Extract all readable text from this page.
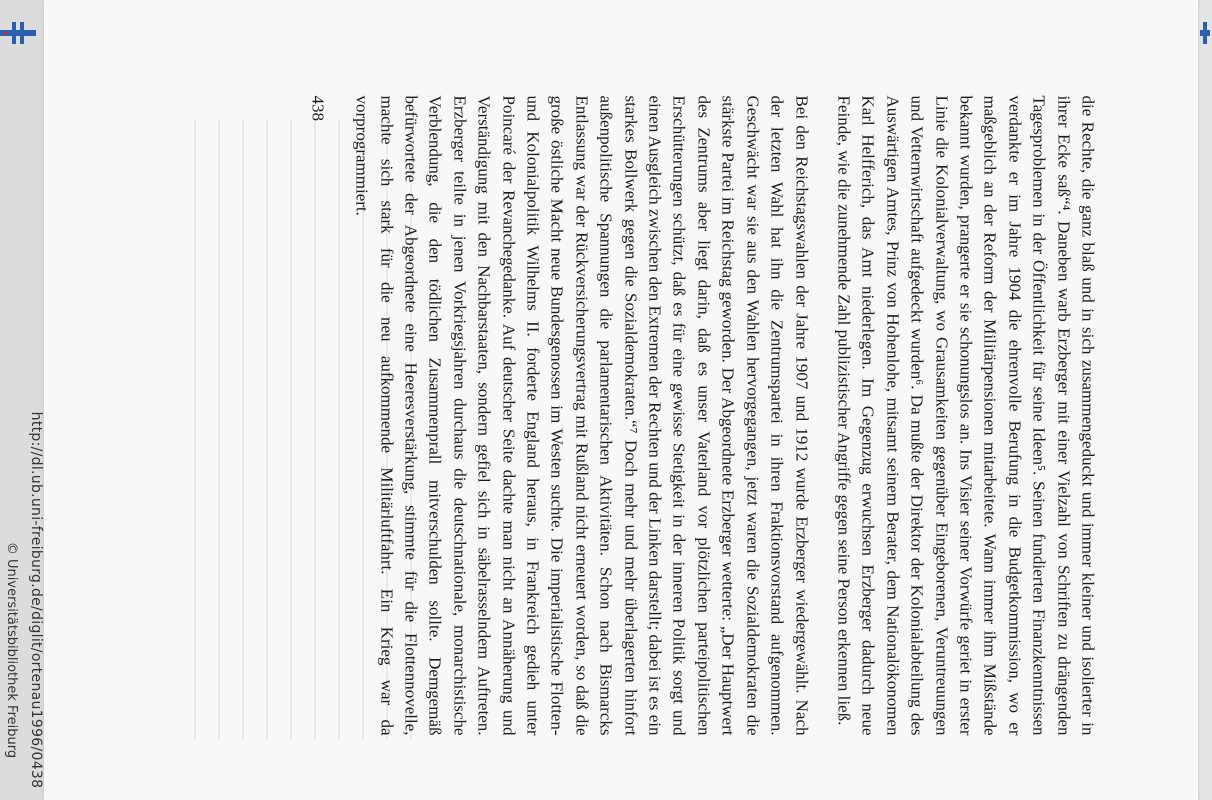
die Rechte, die ganz blaß und in sich zusammengeduckt und immer kleiner und isolierter in ihrer Ecke saß“⁴. Daneben warb Erzberger mit einer Vielzahl von Schriften zu drängenden Tagesproblemen in der Öffentlichkeit für seine Ideen⁵. Seinen fundierten Finanzkenntnissen verdankte er im Jahre 1904 die ehrenvolle Berufung in die Budgetkommission, wo er maßgeblich an der Reform der Militärpensionen mitarbeitete. Wann immer ihm Mißstände bekannt wurden, prangerte er sie schonungslos an. Ins Visier seiner Vorwürfe geriet in erster Linie die Kolonialverwaltung, wo Grausamkeiten gegenüber Eingeborenen, Veruntreuungen und Vetternwirtschaft aufgedeckt wurden⁶. Da mußte der Direktor der Kolonialabteilung des Auswärtigen Amtes, Prinz von Hohenlohe, mitsamt seinem Berater, dem Nationalökonomen Karl Helfferich, das Amt niederlegen. Im Gegenzug erwuchsen Erzberger dadurch neue Feinde, wie die zunehmende Zahl publizistischer Angriffe gegen seine Person erkennen ließ.

Bei den Reichstagswahlen der Jahre 1907 und 1912 wurde Erzberger wiedergewählt. Nach der letzten Wahl hat ihn die Zentrumspartei in ihren Fraktionsvorstand aufgenommen. Geschwächt war sie aus den Wahlen hervorgegangen, jetzt waren die Sozialdemokraten die stärkste Partei im Reichstag geworden. Der Abgeordnete Erzberger wetterte: „Der Hauptwert des Zentrums aber liegt darin, daß es unser Vaterland vor plötzlichen parteipolitischen Erschütterungen schützt, daß es für eine gewisse Stetigkeit in der inneren Politik sorgt und einen Ausgleich zwischen den Extremen der Rechten und der Linken darstellt; dabei ist es ein starkes Bollwerk gegen die Sozialdemokraten.“⁷ Doch mehr und mehr überlagerten hinfort außenpolitische Spannungen die parlamentarischen Aktivitäten. Schon nach Bismarcks Entlassung war der Rückversicherungsvertrag mit Rußland nicht erneuert worden, so daß die große östliche Macht neue Bundesgenossen im Westen suchte. Die imperialistische Flotten- und Kolonialpolitik Wilhelms II. forderte England heraus, in Frankreich gedieh unter Poincaré der Revanchegedanke. Auf deutscher Seite dachte man nicht an Annäherung und Verständigung mit den Nachbarstaaten, sondern gefiel sich in säbelrasselndem Auftreten. Erzberger teilte in jenen Vorkriegsjahren durchaus die deutschnationale, monarchistische Verblendung, die den tödlichen Zusammenprall mitverschulden sollte. Demgemäß befürwortete der Abgeordnete eine Heeresverstärkung, stimmte für die Flottennovelle, machte sich stark für die neu aufkommende Militärluftfahrt. Ein Krieg war da vorprogrammiert.

438
http://dl.ub.uni-freiburg.de/diglit/ortenau1996/0438
© Universitätsbibliothek Freiburg
